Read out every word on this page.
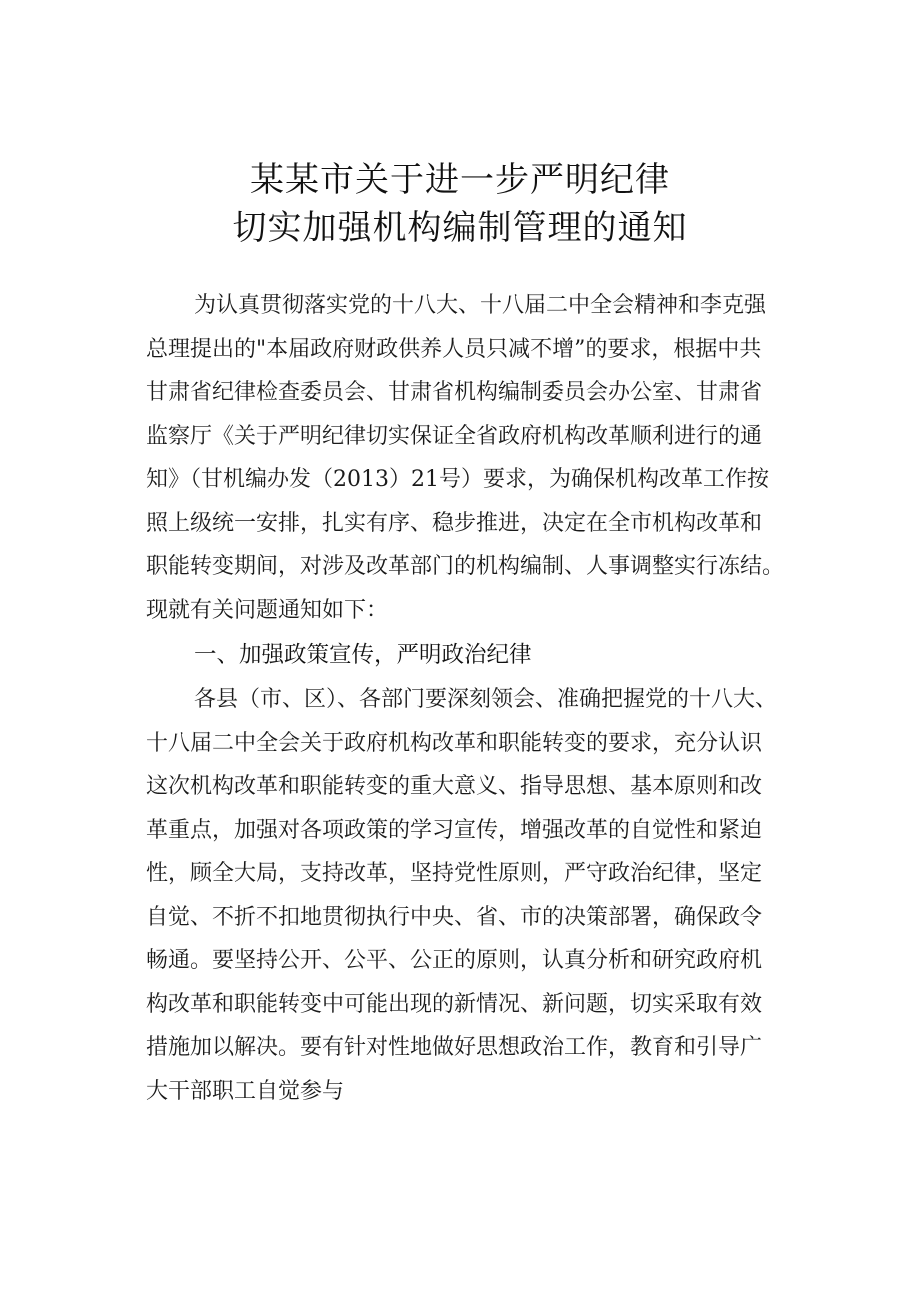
某某市关于进一步严明纪律
切实加强机构编制管理的通知
为认真贯彻落实党的十八大、十八届二中全会精神和李克强
总理提出的"本届政府财政供养人员只减不增”的要求，根据中共
甘肃省纪律检查委员会、甘肃省机构编制委员会办公室、甘肃省
监察厅《关于严明纪律切实保证全省政府机构改革顺利进行的通
知》（甘机编办发（2013）21号）要求，为确保机构改革工作按
照上级统一安排，扎实有序、稳步推进，决定在全市机构改革和
职能转变期间，对涉及改革部门的机构编制、人事调整实行冻结。
现就有关问题通知如下：
一、加强政策宣传，严明政治纪律
各县（市、区）、各部门要深刻领会、准确把握党的十八大、
十八届二中全会关于政府机构改革和职能转变的要求，充分认识
这次机构改革和职能转变的重大意义、指导思想、基本原则和改
革重点，加强对各项政策的学习宣传，增强改革的自觉性和紧迫
性，顾全大局，支持改革，坚持党性原则，严守政治纪律，坚定
自觉、不折不扣地贯彻执行中央、省、市的决策部署，确保政令
畅通。要坚持公开、公平、公正的原则，认真分析和研究政府机
构改革和职能转变中可能出现的新情况、新问题，切实采取有效
措施加以解决。要有针对性地做好思想政治工作，教育和引导广
大干部职工自觉参与
